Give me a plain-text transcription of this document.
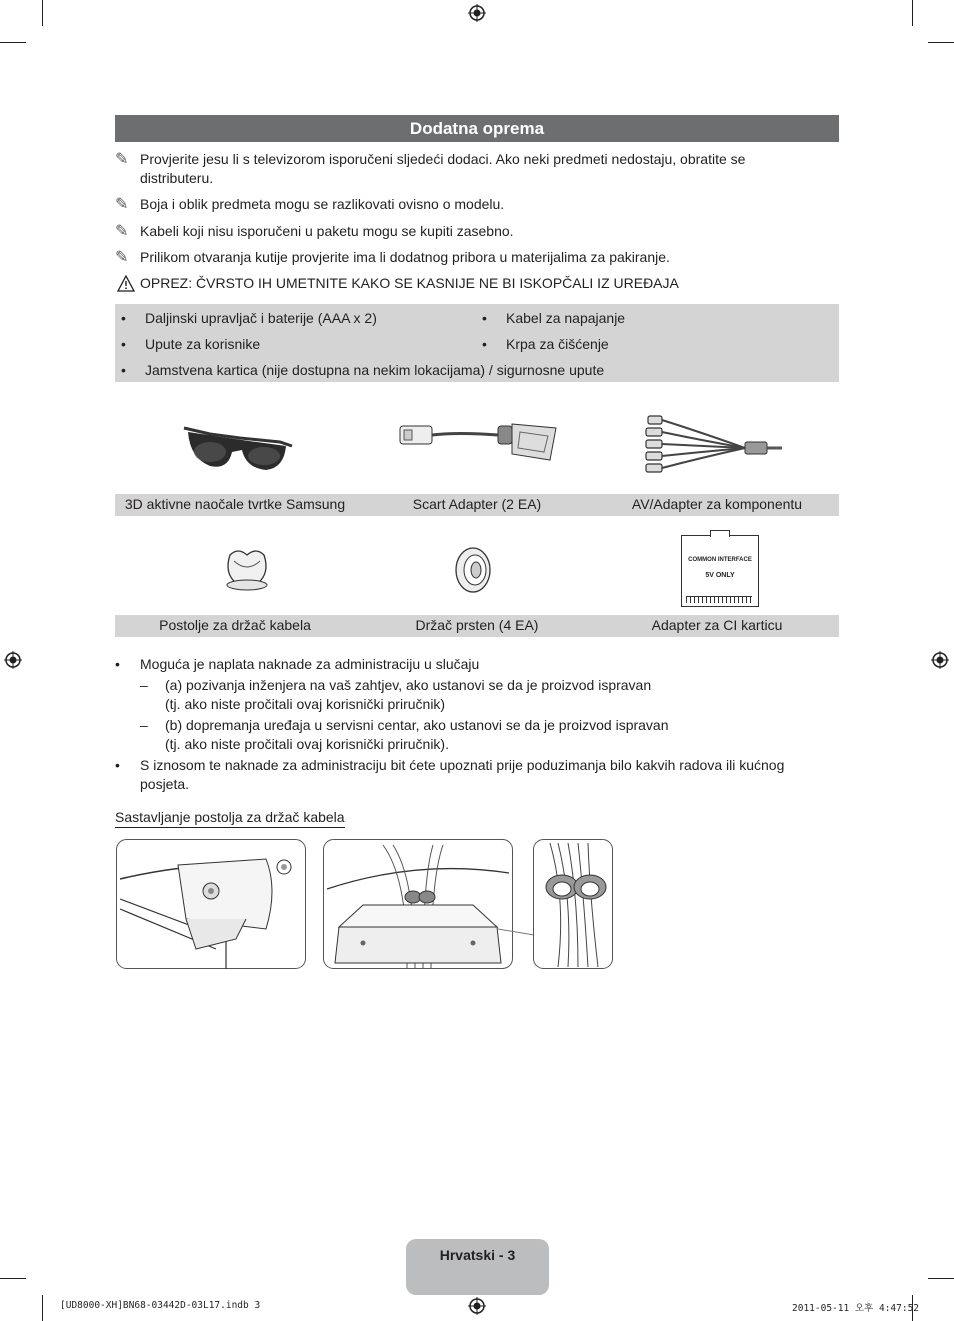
Dodatna oprema
✎ Provjerite jesu li s televizorom isporučeni sljedeći dodaci. Ako neki predmeti nedostaju, obratite se distributeru.
✎ Boja i oblik predmeta mogu se razlikovati ovisno o modelu.
✎ Kabeli koji nisu isporučeni u paketu mogu se kupiti zasebno.
✎ Prilikom otvaranja kutije provjerite ima li dodatnog pribora u materijalima za pakiranje.
OPREZ: ČVRSTO IH UMETNITE KAKO SE KASNIJE NE BI ISKOPČALI IZ UREĐAJA
• Daljinski upravljač i baterije (AAA x 2)	• Kabel za napajanje
• Upute za korisnike	• Krpa za čišćenje
• Jamstvena kartica (nije dostupna na nekim lokacijama) / sigurnosne upute
3D aktivne naočale tvrtke Samsung	Scart Adapter (2 EA)	AV/Adapter za komponentu
COMMON INTERFACE
5V ONLY
Postolje za držač kabela	Držač prsten (4 EA)	Adapter za CI karticu
• Moguća je naplata naknade za administraciju u slučaju
– (a) pozivanja inženjera na vaš zahtjev, ako ustanovi se da je proizvod ispravan
(tj. ako niste pročitali ovaj korisnički priručnik)
– (b) dopremanja uređaja u servisni centar, ako ustanovi se da je proizvod ispravan
(tj. ako niste pročitali ovaj korisnički priručnik).
• S iznosom te naknade za administraciju bit ćete upoznati prije poduzimanja bilo kakvih radova ili kućnog posjeta.
Sastavljanje postolja za držač kabela
Hrvatski - 3
[UD8000-XH]BN68-03442D-03L17.indb 3	2011-05-11 오후 4:47:52
